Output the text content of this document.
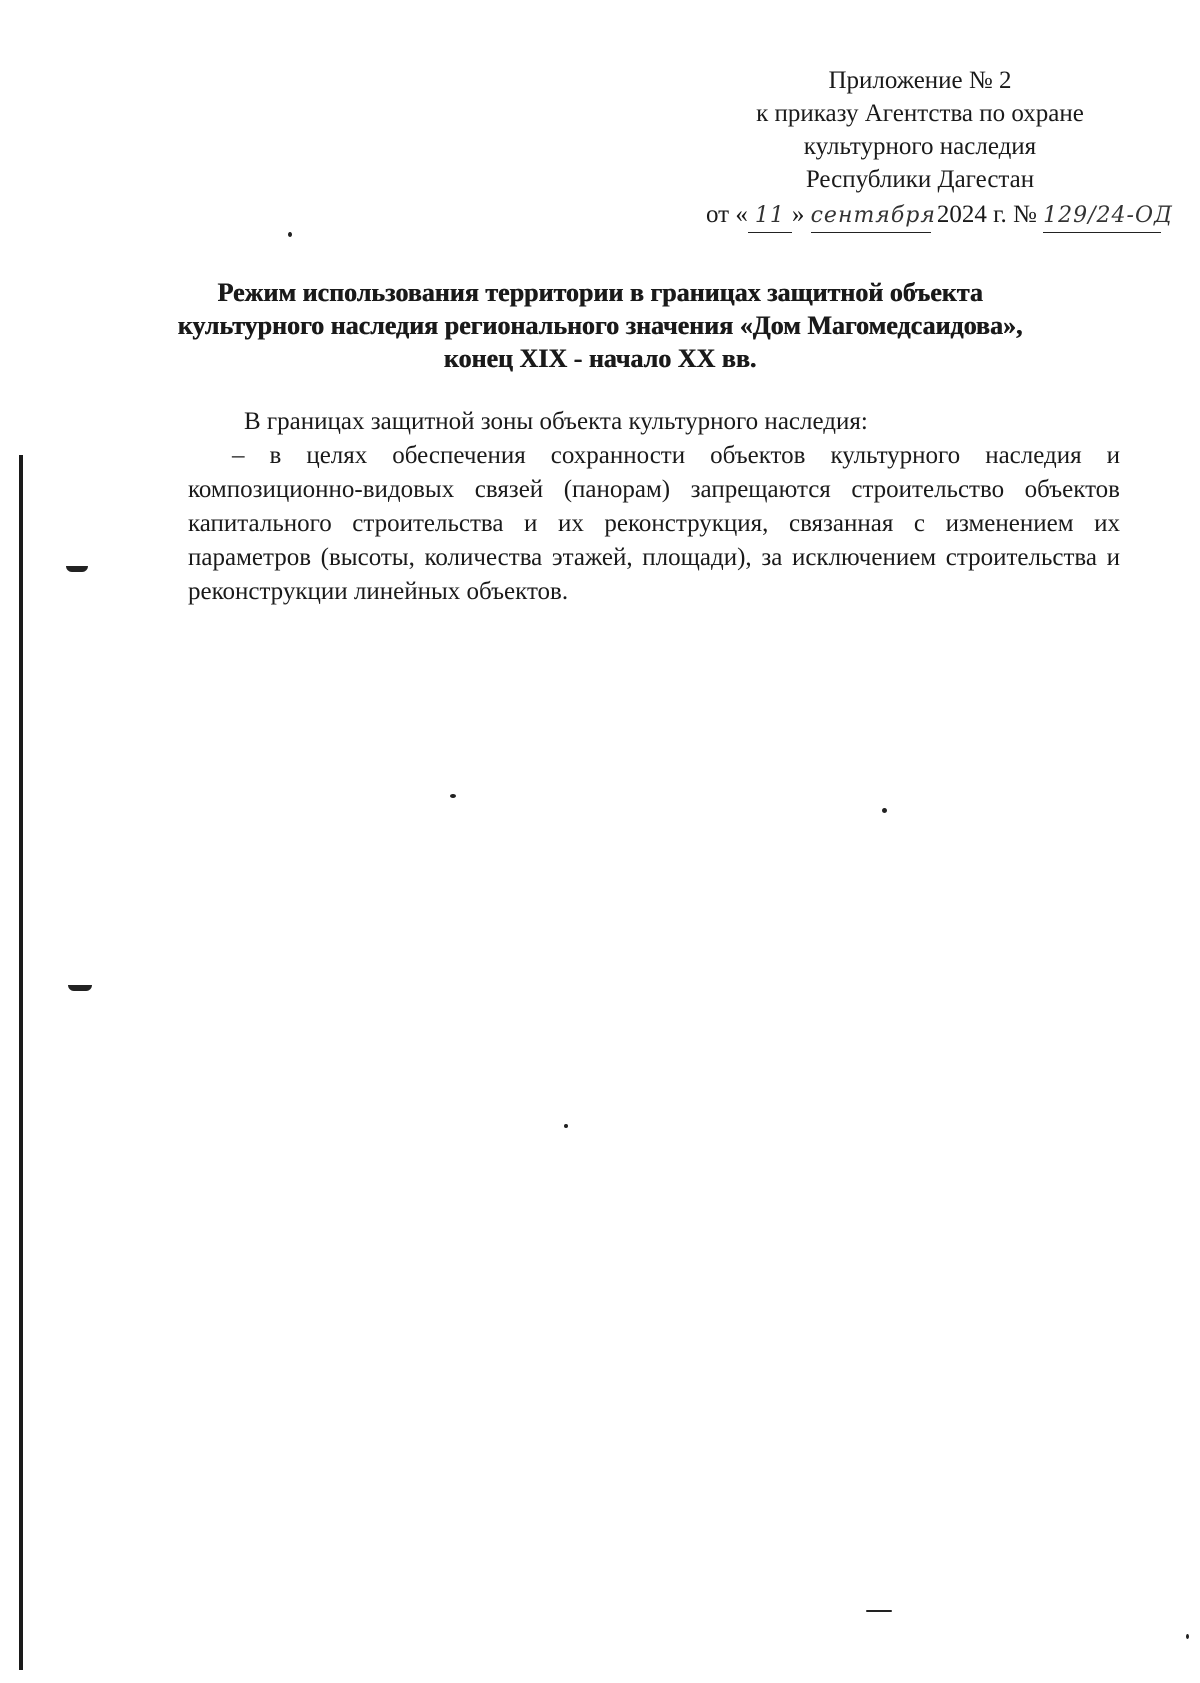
Приложение № 2
к приказу Агентства по охране
культурного наследия
Республики Дагестан
от « 11 » сентября 2024 г. № 129/24-ОД
Режим использования территории в границах защитной объекта
культурного наследия регионального значения «Дом Магомедсаидова»,
конец XIX - начало XX вв.

В границах защитной зоны объекта культурного наследия:

– в целях обеспечения сохранности объектов культурного наследия и композиционно-видовых связей (панорам) запрещаются строительство объектов капитального строительства и их реконструкция, связанная с изменением их параметров (высоты, количества этажей, площади), за исключением строительства и реконструкции линейных объектов.
